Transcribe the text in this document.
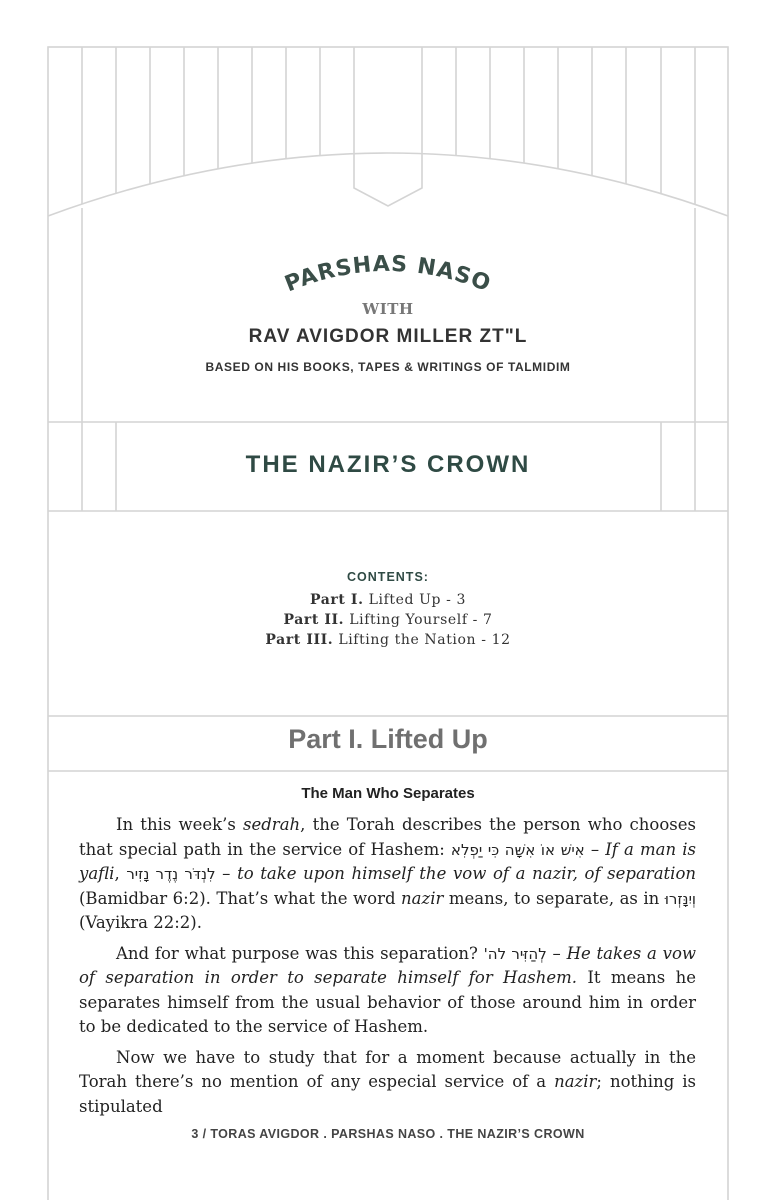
PARSHAS NASO
WITH
RAV AVIGDOR MILLER ZT"L
BASED ON HIS BOOKS, TAPES & WRITINGS OF TALMIDIM
THE NAZIR’S CROWN
CONTENTS:
Part I. Lifted Up - 3
Part II. Lifting Yourself - 7
Part III. Lifting the Nation - 12
Part I. Lifted Up
The Man Who Separates

In this week’s sedrah, the Torah describes the person who chooses that special path in the service of Hashem: אִישׁ אוֹ אִשָּׁה כִּי יַפְלִא – If a man is yafli, לִנְדֹּר נֶדֶר נָזִיר – to take upon himself the vow of a nazir, of separation (Bamidbar 6:2). That’s what the word nazir means, to separate, as in וְיִנָּזְרוּ (Vayikra 22:2).

And for what purpose was this separation? לְהַזִּיר לה' – He takes a vow of separation in order to separate himself for Hashem. It means he separates himself from the usual behavior of those around him in order to be dedicated to the service of Hashem.

Now we have to study that for a moment because actually in the Torah there’s no mention of any especial service of a nazir; nothing is stipulated

3 / TORAS AVIGDOR . PARSHAS NASO . THE NAZIR’S CROWN
